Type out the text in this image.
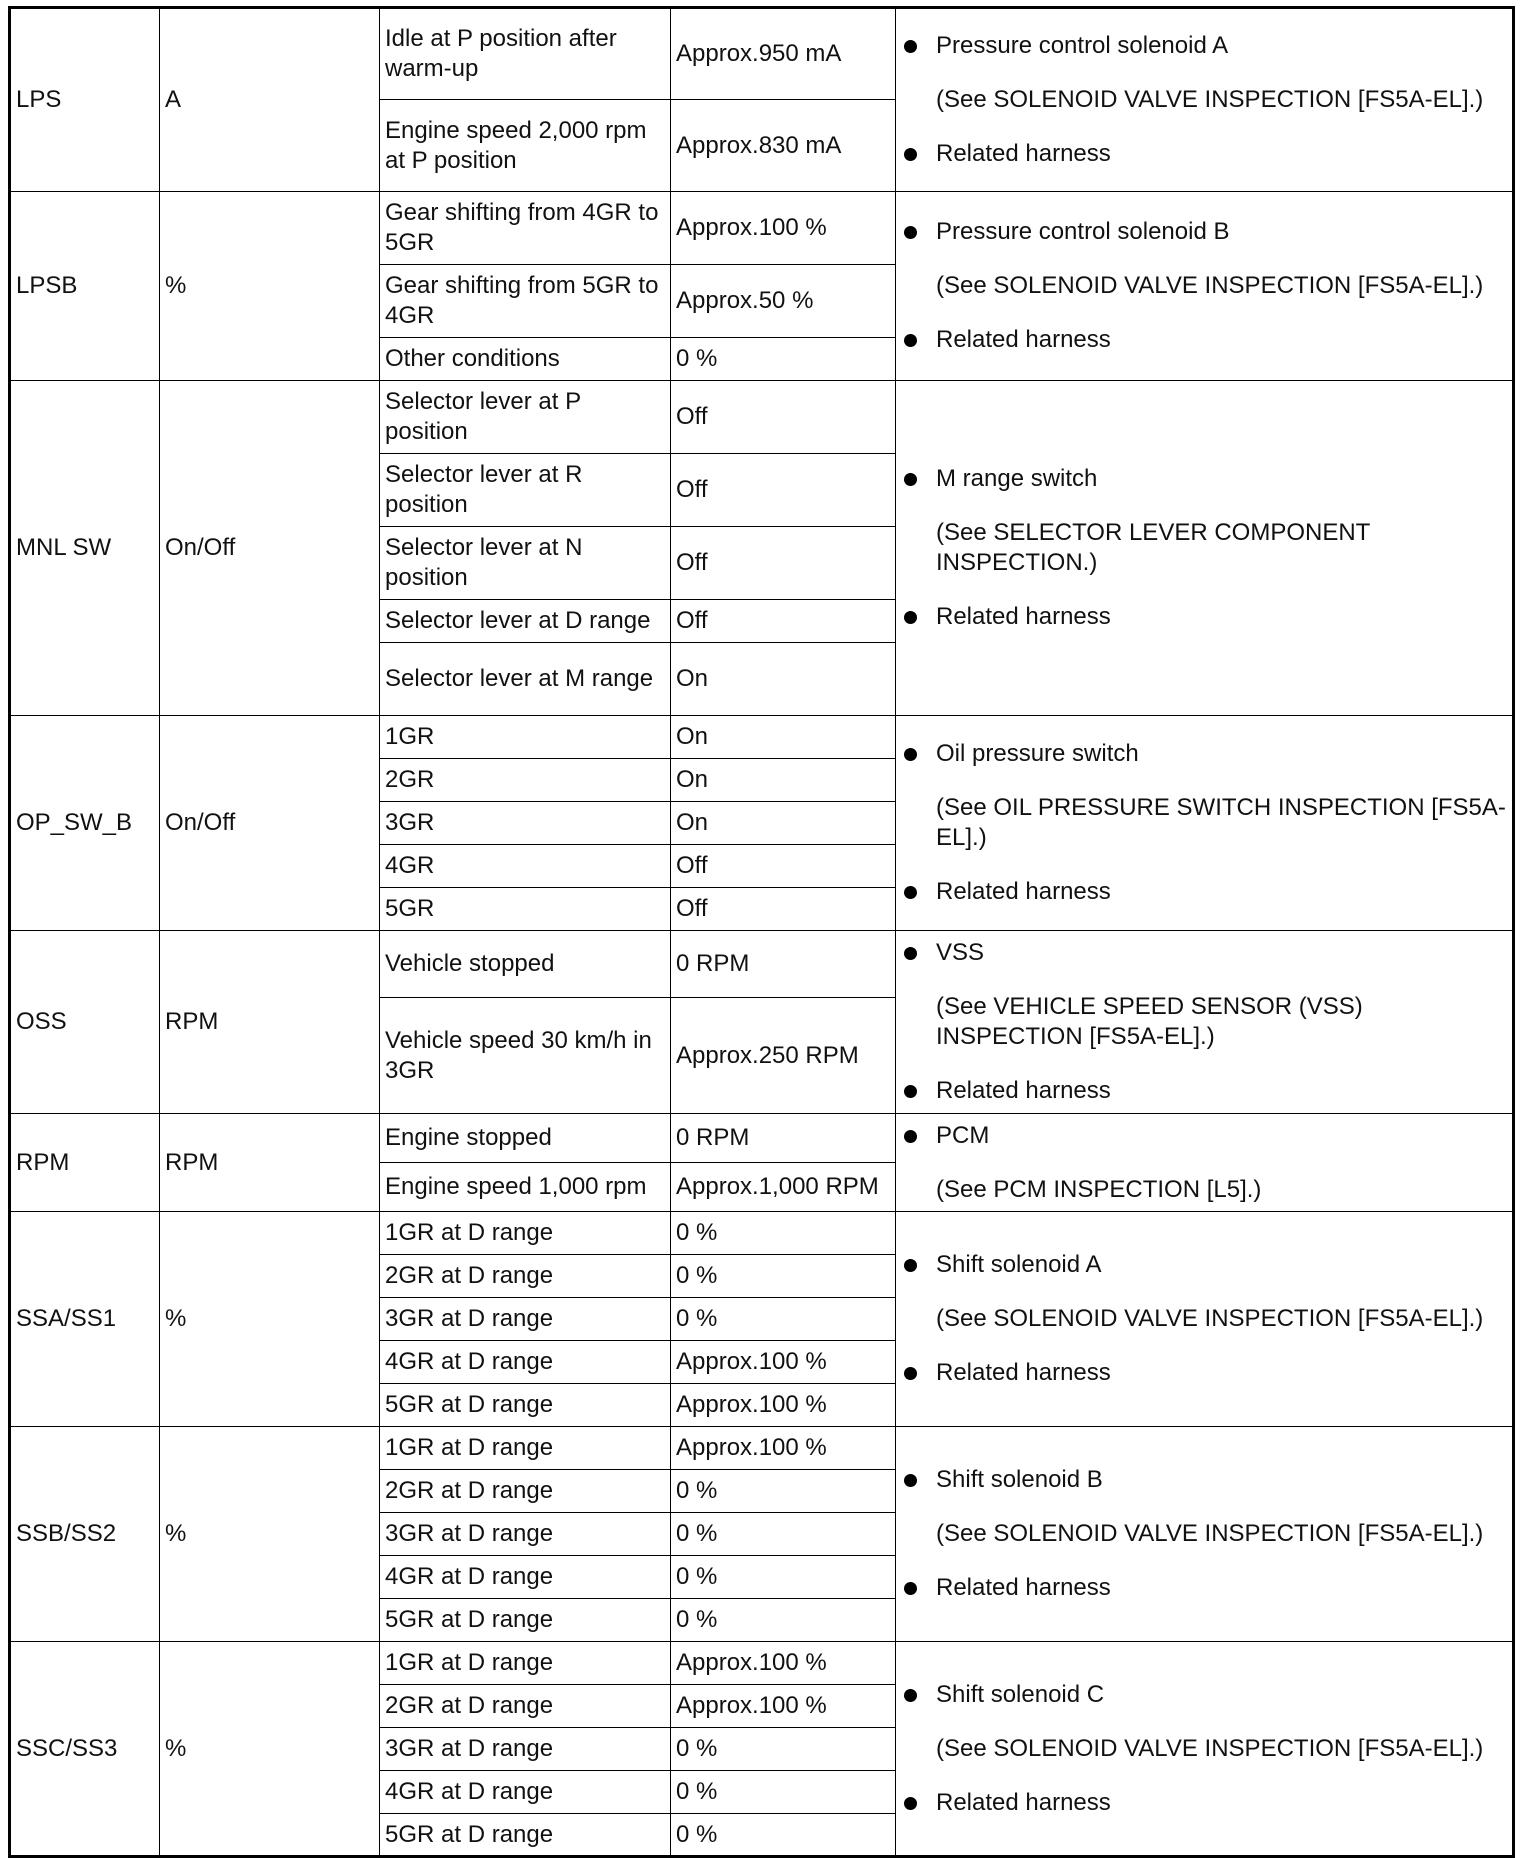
LPS	A	Idle at P position after warm-up	Approx.950 mA	Pressure control solenoid A
(See SOLENOID VALVE INSPECTION [FS5A-EL].)
Related harness

		Engine speed 2,000 rpm at P position	Approx.830 mA	
LPSB	%	Gear shifting from 4GR to 5GR	Approx.100 %	Pressure control solenoid B
(See SOLENOID VALVE INSPECTION [FS5A-EL].)
Related harness

		Gear shifting from 5GR to 4GR	Approx.50 %	
		Other conditions	0 %	
MNL SW	On/Off	Selector lever at P position	Off	M range switch
(See SELECTOR LEVER COMPONENT INSPECTION.)
Related harness

		Selector lever at R position	Off	
		Selector lever at N position	Off	
		Selector lever at D range	Off	
		Selector lever at M range	On	
OP_SW_B	On/Off	1GR	On	Oil pressure switch
(See OIL PRESSURE SWITCH INSPECTION [FS5A-EL].)
Related harness

		2GR	On	
		3GR	On	
		4GR	Off	
		5GR	Off	
OSS	RPM	Vehicle stopped	0 RPM	VSS
(See VEHICLE SPEED SENSOR (VSS) INSPECTION [FS5A-EL].)
Related harness

		Vehicle speed 30 km/h in 3GR	Approx.250 RPM	
RPM	RPM	Engine stopped	0 RPM	PCM
(See PCM INSPECTION [L5].)

		Engine speed 1,000 rpm	Approx.1,000 RPM	
SSA/SS1	%	1GR at D range	0 %	Shift solenoid A
(See SOLENOID VALVE INSPECTION [FS5A-EL].)
Related harness

		2GR at D range	0 %	
		3GR at D range	0 %	
		4GR at D range	Approx.100 %	
		5GR at D range	Approx.100 %	
SSB/SS2	%	1GR at D range	Approx.100 %	Shift solenoid B
(See SOLENOID VALVE INSPECTION [FS5A-EL].)
Related harness

		2GR at D range	0 %	
		3GR at D range	0 %	
		4GR at D range	0 %	
		5GR at D range	0 %	
SSC/SS3	%	1GR at D range	Approx.100 %	Shift solenoid C
(See SOLENOID VALVE INSPECTION [FS5A-EL].)
Related harness

		2GR at D range	Approx.100 %	
		3GR at D range	0 %	
		4GR at D range	0 %	
		5GR at D range	0 %	
